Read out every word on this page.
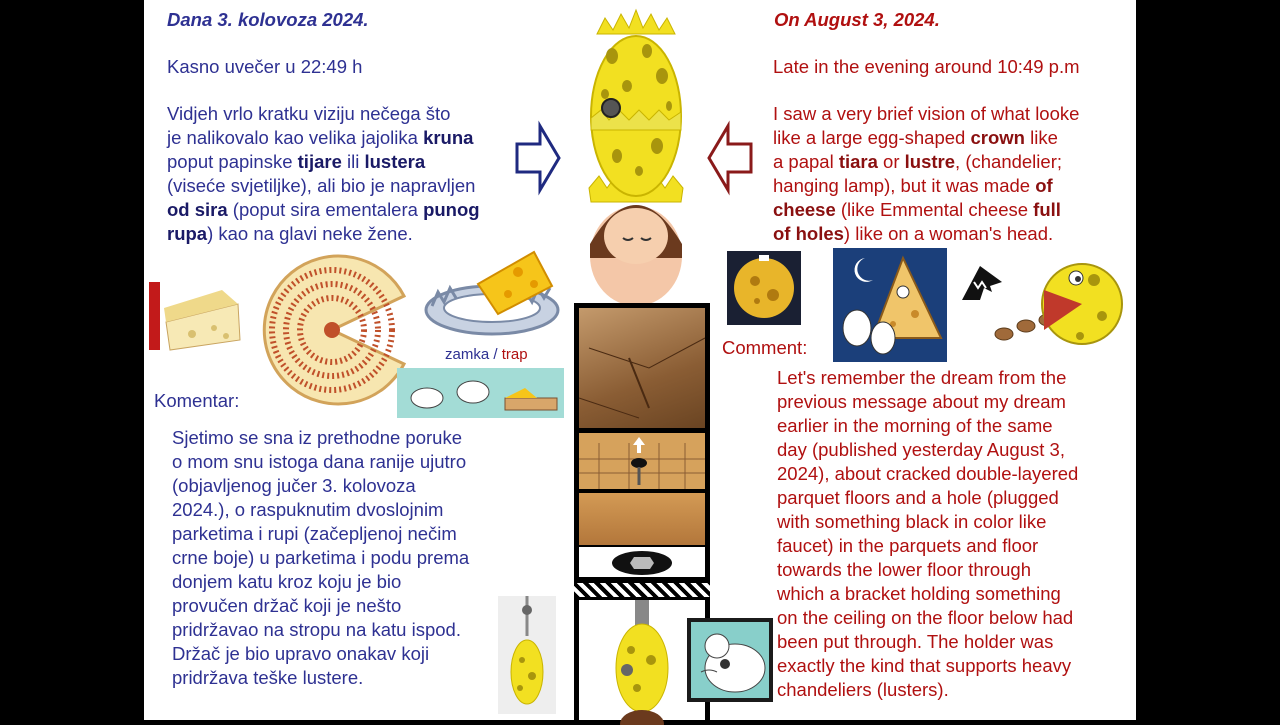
Dana 3. kolovoza 2024.

Kasno uvečer u 22:49 h

Vidjeh vrlo kratku viziju nečega što
je nalikovalo kao velika jajolika kruna
poput papinske tijare ili lustera
(viseće svjetiljke), ali bio je napravljen
od sira (poput sira ementalera punog
rupa) kao na glavi neke žene.

On August 3, 2024.

Late in the evening around 10:49 p.m

I saw a very brief vision of what looke
like a large egg-shaped crown like
a papal tiara or lustre, (chandelier;
hanging lamp), but it was made of
cheese (like Emmental cheese full
of holes) like on a woman's head.
EMMENTALER
zamka / trap

Komentar:

Sjetimo se sna iz prethodne poruke
o mom snu istoga dana ranije ujutro
(objavljenog jučer 3. kolovoza
2024.), o raspuknutim dvoslojnim
parketima i rupi (začepljenoj nečim
crne boje) u parketima i podu prema
donjem katu kroz koju je bio
provučen držač koji je nešto
pridržavao na stropu na katu ispod.
Držač je bio upravo onakav koji
pridržava teške lustere.

Comment:

Let's remember the dream from the
previous message about my dream
earlier in the morning of the same
day (published yesterday August 3,
2024), about cracked double-layered
parquet floors and a hole (plugged
with something black in color like
faucet) in the parquets and floor
towards the lower floor through
which a bracket holding something
on the ceiling on the floor below had
been put through. The holder was
exactly the kind that supports heavy
chandeliers (lusters).
